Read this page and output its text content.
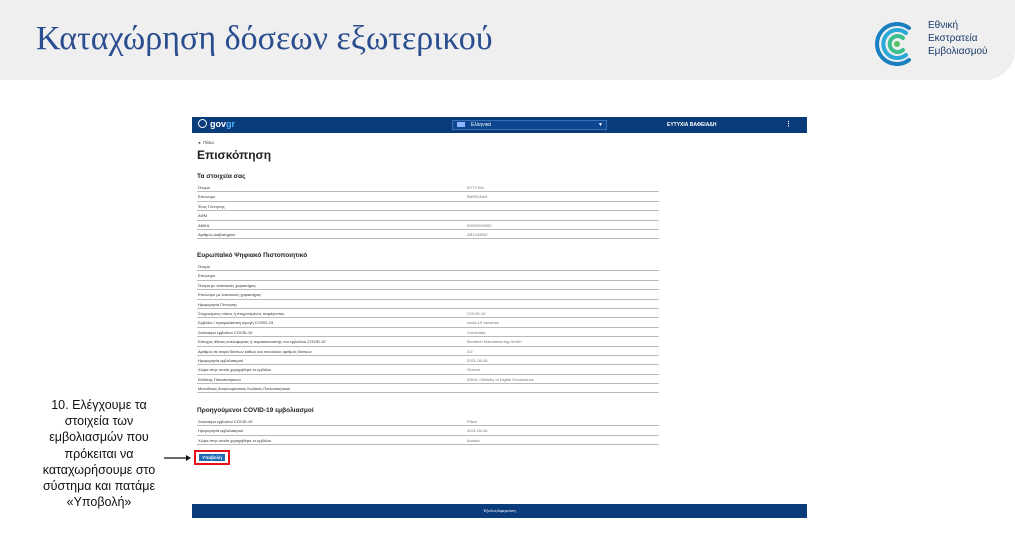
Καταχώρηση δόσεων εξωτερικού	Εθνική
Εκστρατεία
Εμβολιασμού
govgr	Ελληνικά	▼	ΕΥΤΥΧΙΑ ΒΑΦΕΙΑΔΗ	⋮
◂ Πίσω
Επισκόπηση
Τα στοιχεία σας
Όνομα	ΕΥΤΥΧΙΑ
Επώνυμο	ΒΑΦΕΙΑΔΗ
Έτος Γέννησης
ΑΦΜ
ΑΜΚΑ	00000000000
Αριθμός Διαβατηρίου	AB1234567
Ευρωπαϊκό Ψηφιακό Πιστοποιητικό
Όνομα
Επώνυμο
Όνομα με λατινικούς χαρακτήρες
Επώνυμο με λατινικούς χαρακτήρες
Ημερομηνία Γέννησης
Στοχευόμενη νόσος ή στοχευόμενος παράγοντας	COVID-19
Εμβόλιο / προφυλακτική αγωγή COVID-19	covid-19 vaccines
Σκεύασμα εμβολίου COVID-19	Comirnaty
Κάτοχος άδειας κυκλοφορίας ή παρασκευαστής του εμβολίου COVID-19	Biontech Manufacturing GmbH
Αριθμός σε σειρά δόσεων καθώς και συνολικός αριθμός δόσεων	2/2
Ημερομηνία εμβολιασμού	2021-06-06
Χώρα στην οποία χορηγήθηκε το εμβόλιο	Greece
Εκδότης Πιστοποιητικού	IDIKA / Ministry of Digital Governance
Μοναδικός Αναγνωριστικός Κωδικός Πιστοποιητικού
Προηγούμενοι COVID-19 εμβολιασμοί
Σκεύασμα εμβολίου COVID-19	Pfizer
Ημερομηνία εμβολιασμού	2021-06-06
Χώρα στην οποία χορηγήθηκε το εμβόλιο	Austria
Υποβολή
Έξοδος/Αφερεύση
10. Ελέγχουμε τα στοιχεία των εμβολιασμών που πρόκειται να καταχωρήσουμε στο σύστημα και πατάμε «Υποβολή»
